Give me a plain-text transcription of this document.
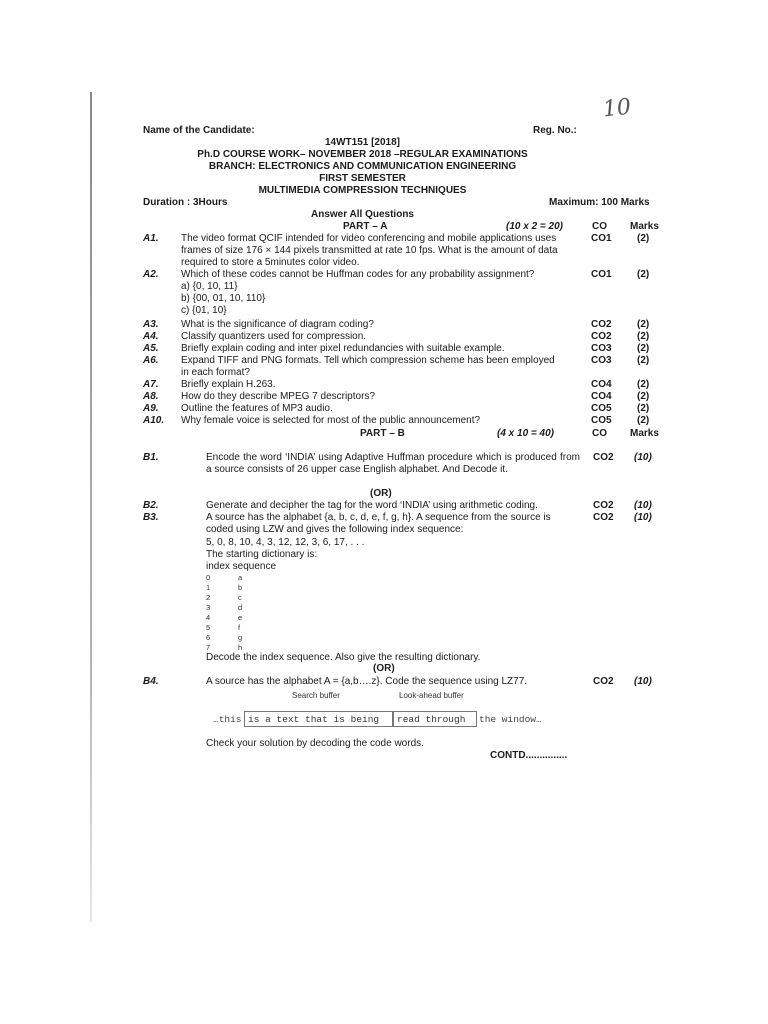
10
Name of the Candidate:	Reg. No.:
14WT151 [2018]
Ph.D COURSE WORK– NOVEMBER 2018 –REGULAR EXAMINATIONS
BRANCH: ELECTRONICS AND COMMUNICATION ENGINEERING
FIRST SEMESTER
MULTIMEDIA COMPRESSION TECHNIQUES
Duration : 3Hours	Maximum: 100 Marks
Answer All Questions
PART – A	(10 x 2 = 20)	CO Marks
A1. The video format QCIF intended for video conferencing and mobile applications uses frames of size 176 × 144 pixels transmitted at rate 10 fps. What is the amount of data required to store a 5minutes color video.
CO1	(2)
A2. Which of these codes cannot be Huffman codes for any probability assignment?	CO1	(2)
a) {0, 10, 11}
b) {00, 01, 10, 110}
c) {01, 10}
A3. What is the significance of diagram coding?	CO2	(2)
A4. Classify quantizers used for compression.	CO2	(2)
A5. Briefly explain coding and inter pixel redundancies with suitable example.	CO3	(2)
A6. Expand TIFF and PNG formats. Tell which compression scheme has been employed in each format?
CO3	(2)
A7. Briefly explain H.263.	CO4	(2)
A8. How do they describe MPEG 7 descriptors?	CO4	(2)
A9. Outline the features of MP3 audio.	CO5	(2)
A10. Why female voice is selected for most of the public announcement?	CO5	(2)
PART – B	(4 x 10 = 40)	CO Marks
B1.	Encode the word ‘INDIA’ using Adaptive Huffman procedure which is produced from a source consists of 26 upper case English alphabet. And Decode it.
CO2 (10)
(OR)
B2.	Generate and decipher the tag for the word ‘INDIA’ using arithmetic coding.	CO2 (10)
B3.	A source has the alphabet {a, b, c, d, e, f, g, h}. A sequence from the source is coded using LZW and gives the following index sequence:
CO2 (10)
5, 0, 8, 10, 4, 3, 12, 12, 3, 6, 17, . . .
The starting dictionary is:
index sequence
0	a
1	b
2	c
3	d
4	e
5	f
6	g
7	h
Decode the index sequence. Also give the resulting dictionary.
(OR)
B4.	A source has the alphabet A = {a,b….z}. Code the sequence using LZ77.	CO2 (10)
Search buffer	Look-ahead buffer
…this is a text that is being	read through	the window…
Check your solution by decoding the code words.
CONTD...............
